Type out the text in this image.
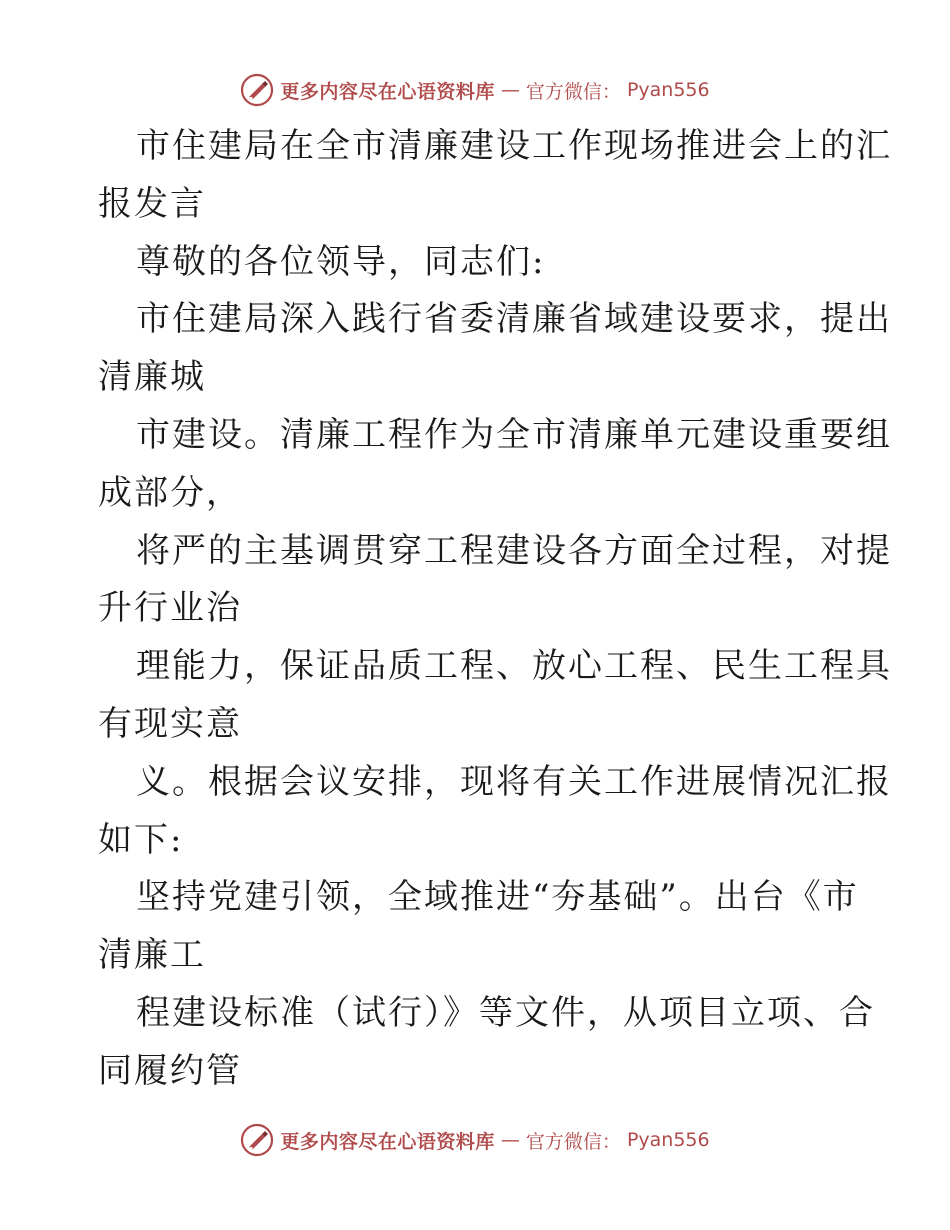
更多内容尽在心语资料库 — 官方微信： Pyan556
市住建局在全市清廉建设工作现场推进会上的汇
报发言
尊敬的各位领导，同志们:
市住建局深入践行省委清廉省域建设要求，提出
清廉城
市建设。清廉工程作为全市清廉单元建设重要组
成部分，
将严的主基调贯穿工程建设各方面全过程，对提
升行业治
理能力，保证品质工程、放心工程、民生工程具
有现实意
义。根据会议安排，现将有关工作进展情况汇报
如下:
坚持党建引领，全域推进“夯基础”。出台《市
清廉工
程建设标准（试行）》等文件，从项目立项、合
同履约管
更多内容尽在心语资料库 — 官方微信： Pyan556
